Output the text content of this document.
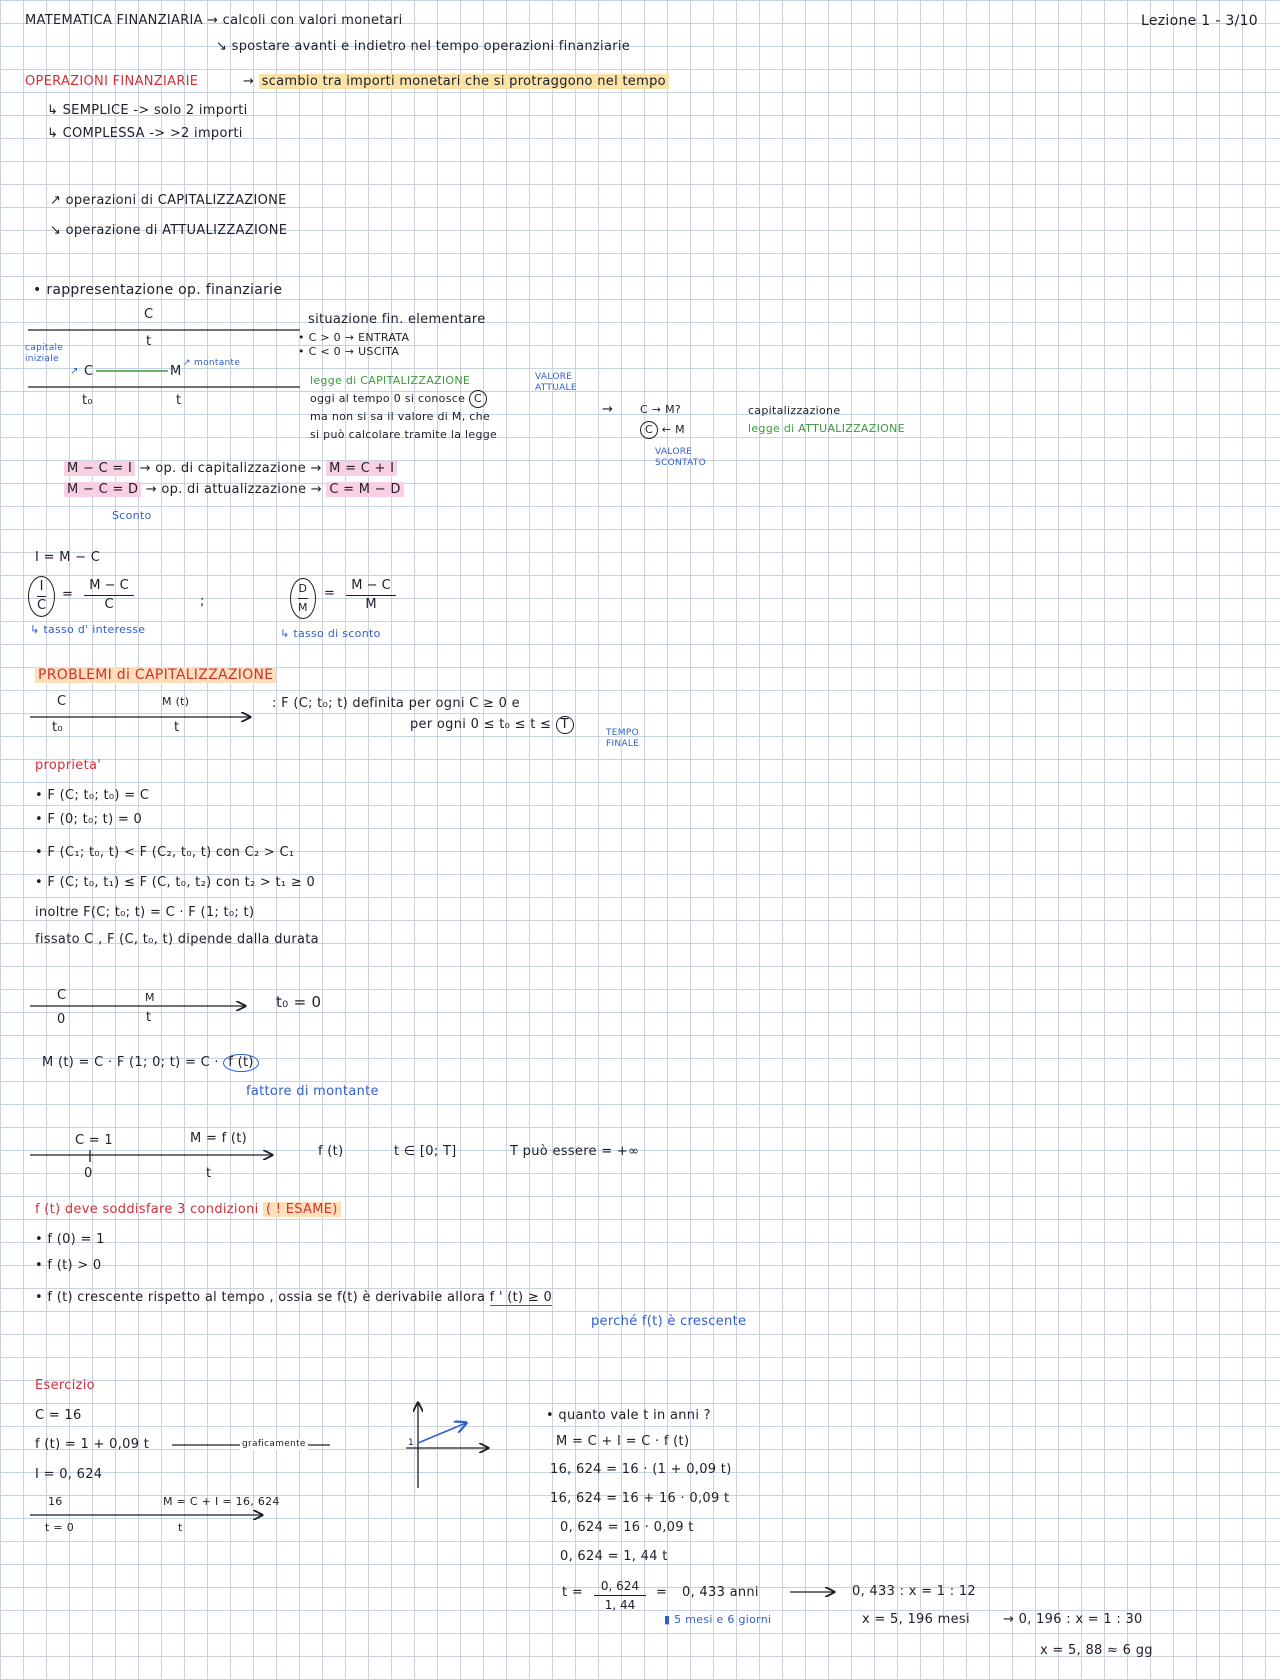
MATEMATICA FINANZIARIA → calcoli con valori monetari
↘ spostare avanti e indietro nel tempo operazioni finanziarie
Lezione 1 - 3/10
OPERAZIONI FINANZIARIE	→ scambio tra importi monetari che si protraggono nel tempo
↳ SEMPLICE -> solo 2 importi
↳ COMPLESSA -> >2 importi
↗ operazioni di CAPITALIZZAZIONE
↘ operazione di ATTUALIZZAZIONE
• rappresentazione op. finanziarie
C
t
capitale iniziale
↗ C	M
↗ montante
t₀	t
situazione fin. elementare
• C > 0 → ENTRATA
• C < 0 → USCITA
legge di CAPITALIZZAZIONE
oggi al tempo 0 si conosce C
ma non si sa il valore di M, che
si può calcolare tramite la legge
VALORE ATTUALE
→ C → M?
C ← M
VALORE SCONTATO
capitalizzazione
legge di ATTUALIZZAZIONE
M − C = I → op. di capitalizzazione → M = C + I
M − C = D → op. di attualizzazione → C = M − D
Sconto
I = M − C
I
C
=
M − C
C	;
D
M
=
M − C
M
↳ tasso d' interesse	↳ tasso di sconto
PROBLEMI di CAPITALIZZAZIONE
C	M (t)
t₀	t
: F (C; t₀; t) definita per ogni C ≥ 0 e
per ogni 0 ≤ t₀ ≤ t ≤ T
TEMPO FINALE
proprieta'
• F (C; t₀; t₀) = C
• F (0; t₀; t) = 0
• F (C₁; t₀, t) < F (C₂, t₀, t) con C₂ > C₁
• F (C; t₀, t₁) ≤ F (C, t₀, t₂) con t₂ > t₁ ≥ 0
inoltre F(C; t₀; t) = C · F (1; t₀; t)
fissato C , F (C, t₀, t) dipende dalla durata
C
0
M
t
t₀ = 0
M (t) = C · F (1; 0; t) = C · f (t)
fattore di montante
C = 1
0
M = f (t)
t
f (t)	t ∈ [0; T]	T può essere = +∞
f (t) deve soddisfare 3 condizioni ( ! ESAME)
• f (0) = 1
• f (t) > 0
• f (t) crescente rispetto al tempo , ossia se f(t) è derivabile allora f ' (t) ≥ 0
perché f(t) è crescente
Esercizio
C = 16
f (t) = 1 + 0,09 t	graficamente	1
I = 0, 624
16
t = 0
M = C + I = 16, 624
t
• quanto vale t in anni ?
M = C + I = C · f (t)
16, 624 = 16 · (1 + 0,09 t)
16, 624 = 16 + 16 · 0,09 t
0, 624 = 16 · 0,09 t
0, 624 = 1, 44 t
t =	0, 624
1, 44
= 0, 433 anni
▮ 5 mesi e 6 giorni
0, 433 : x = 1 : 12
x = 5, 196 mesi	→ 0, 196 : x = 1 : 30
x = 5, 88 ≈ 6 gg
